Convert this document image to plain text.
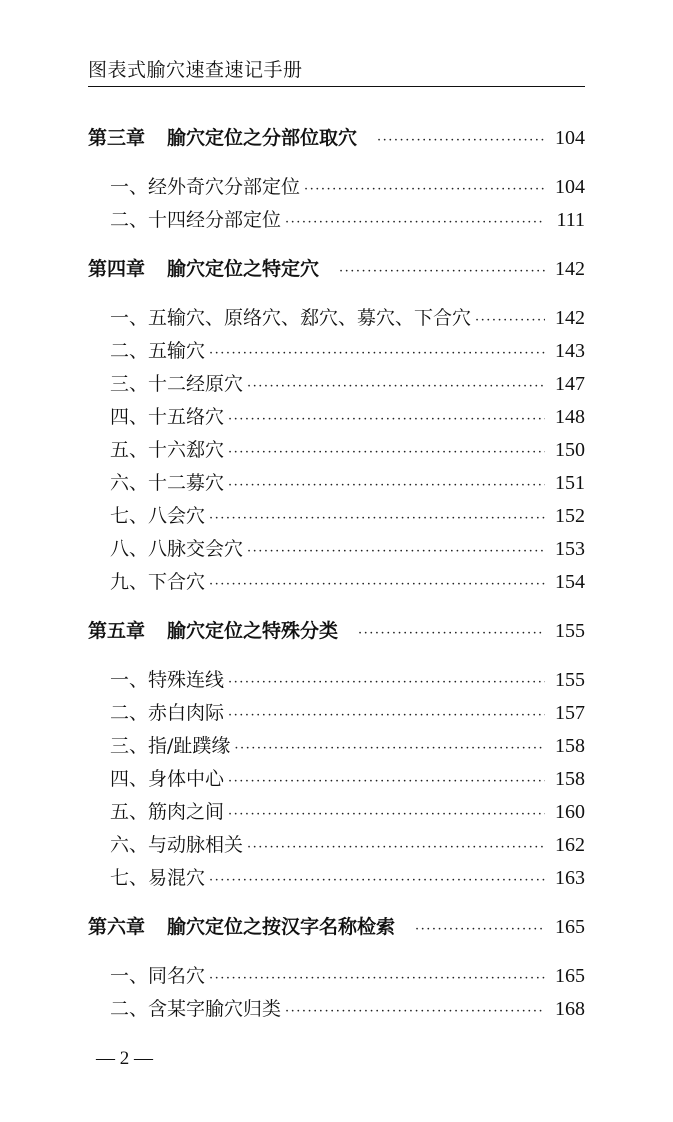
图表式腧穴速查速记手册
第三章 腧穴定位之分部位取穴 ·····	104
一、经外奇穴分部定位 ·····	104
二、十四经分部定位 ·····	111
第四章 腧穴定位之特定穴 ·····	142
一、五输穴、原络穴、郄穴、募穴、下合穴 ·····	142
二、五输穴 ·····	143
三、十二经原穴 ·····	147
四、十五络穴 ·····	148
五、十六郄穴 ·····	150
六、十二募穴 ·····	151
七、八会穴 ·····	152
八、八脉交会穴 ·····	153
九、下合穴 ·····	154
第五章 腧穴定位之特殊分类 ·····	155
一、特殊连线 ·····	155
二、赤白肉际 ·····	157
三、指/趾蹼缘 ·····	158
四、身体中心 ·····	158
五、筋肉之间 ·····	160
六、与动脉相关 ·····	162
七、易混穴 ·····	163
第六章 腧穴定位之按汉字名称检索 ·····	165
一、同名穴 ·····	165
二、含某字腧穴归类 ·····	168
— 2 —
